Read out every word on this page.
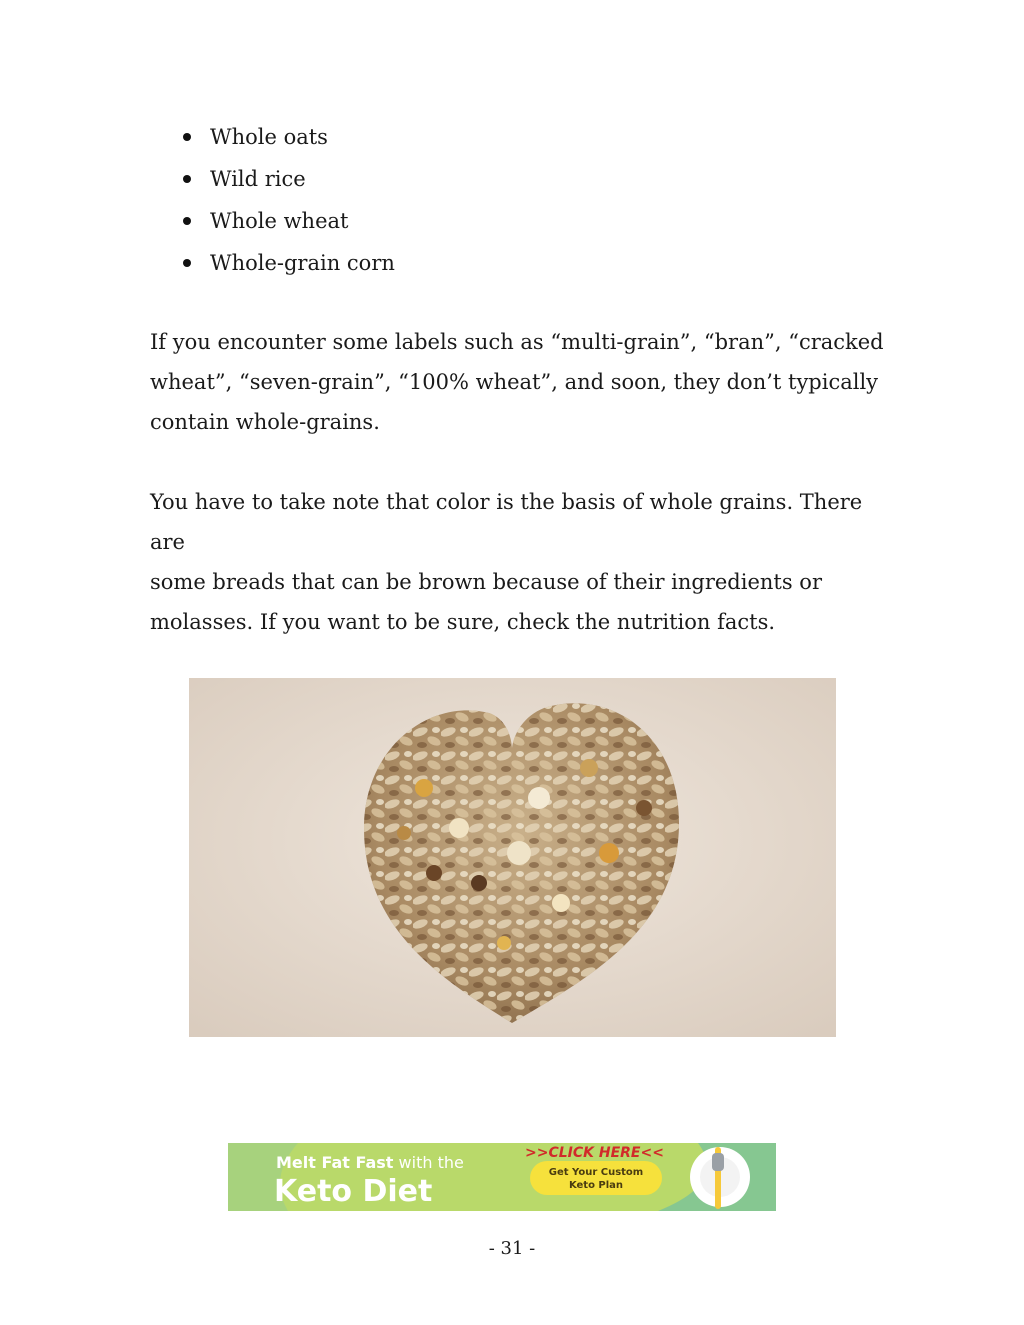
Whole oats
Wild rice
Whole wheat
Whole-grain corn

If you encounter some labels such as “multi-grain”, “bran”, “cracked
wheat”, “seven-grain”, “100% wheat”, and soon, they don’t typically
contain whole-grains.

You have to take note that color is the basis of whole grains. There are
some breads that can be brown because of their ingredients or
molasses. If you want to be sure, check the nutrition facts.

Melt Fat Fast with the
Keto Diet
>>CLICK HERE<<
Get Your Custom
Keto Plan
- 31 -
